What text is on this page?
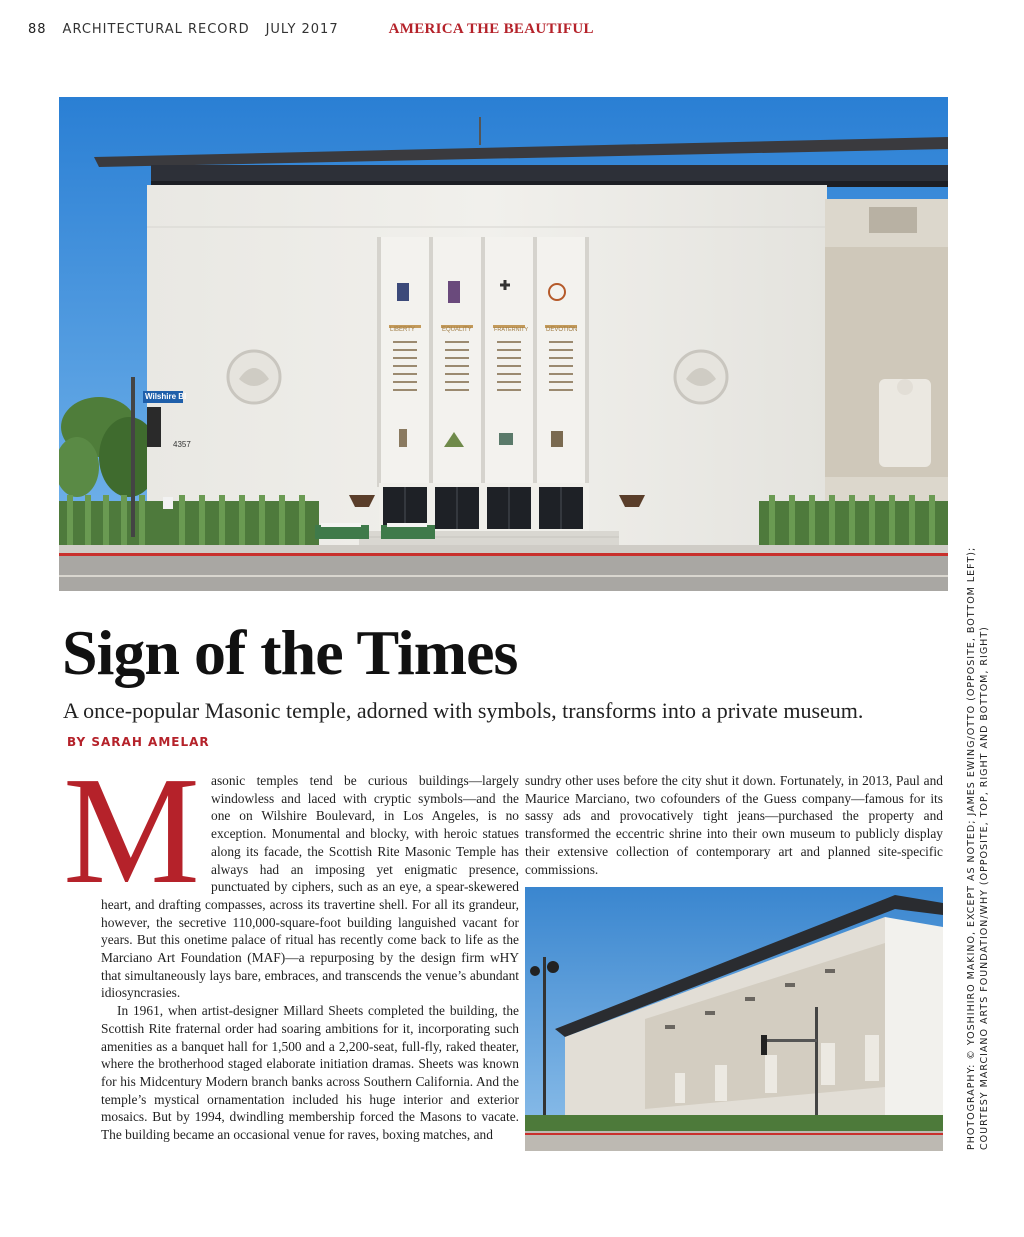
88 ARCHITECTURAL RECORD JULY 2017	AMERICA THE BEAUTIFUL
Wilshire Bl
4357
LIBERTY	EQUALITY	FRATERNITY	DEVOTION
Sign of the Times
A once-popular Masonic temple, adorned with symbols, transforms into a private museum.
BY SARAH AMELAR

Masonic temples tend be curious buildings—largely windowless and laced with cryptic symbols—and the one on Wilshire Boulevard, in Los Angeles, is no exception. Monumental and blocky, with heroic statues along its facade, the Scottish Rite Masonic Temple has always had an imposing yet enigmatic presence, punctuated by ciphers, such as an eye, a spear-skewered heart, and drafting compasses, across its travertine shell. For all its grandeur, however, the secretive 110,000-square-foot building languished vacant for years. But this onetime palace of ritual has recently come back to life as the Marciano Art Foundation (MAF)—a repurposing by the design firm wHY that simultaneously lays bare, embraces, and transcends the venue’s abundant idiosyncrasies.

In 1961, when artist-designer Millard Sheets completed the building, the Scottish Rite fraternal order had soaring ambitions for it, incorporating such amenities as a banquet hall for 1,500 and a 2,200-seat, full-fly, raked theater, where the brotherhood staged elaborate initiation dramas. Sheets was known for his Midcentury Modern branch banks across Southern California. And the temple’s mystical ornamentation included his huge interior and exterior mosaics. But by 1994, dwindling membership forced the Masons to vacate. The building became an occasional venue for raves, boxing matches, and

sundry other uses before the city shut it down. Fortunately, in 2013, Paul and Maurice Marciano, two cofounders of the Guess company—famous for its sassy ads and provocatively tight jeans—purchased the property and transformed the eccentric shrine into their own museum to publicly display their extensive collection of contemporary art and planned site-specific commissions.	PHOTOGRAPHY: © YOSHIHIRO MAKINO, EXCEPT AS NOTED; JAMES EWING/OTTO (OPPOSITE, BOTTOM LEFT); COURTESY MARCIANO ARTS FOUNDATION/WHY (OPPOSITE, TOP, RIGHT AND BOTTOM, RIGHT)
